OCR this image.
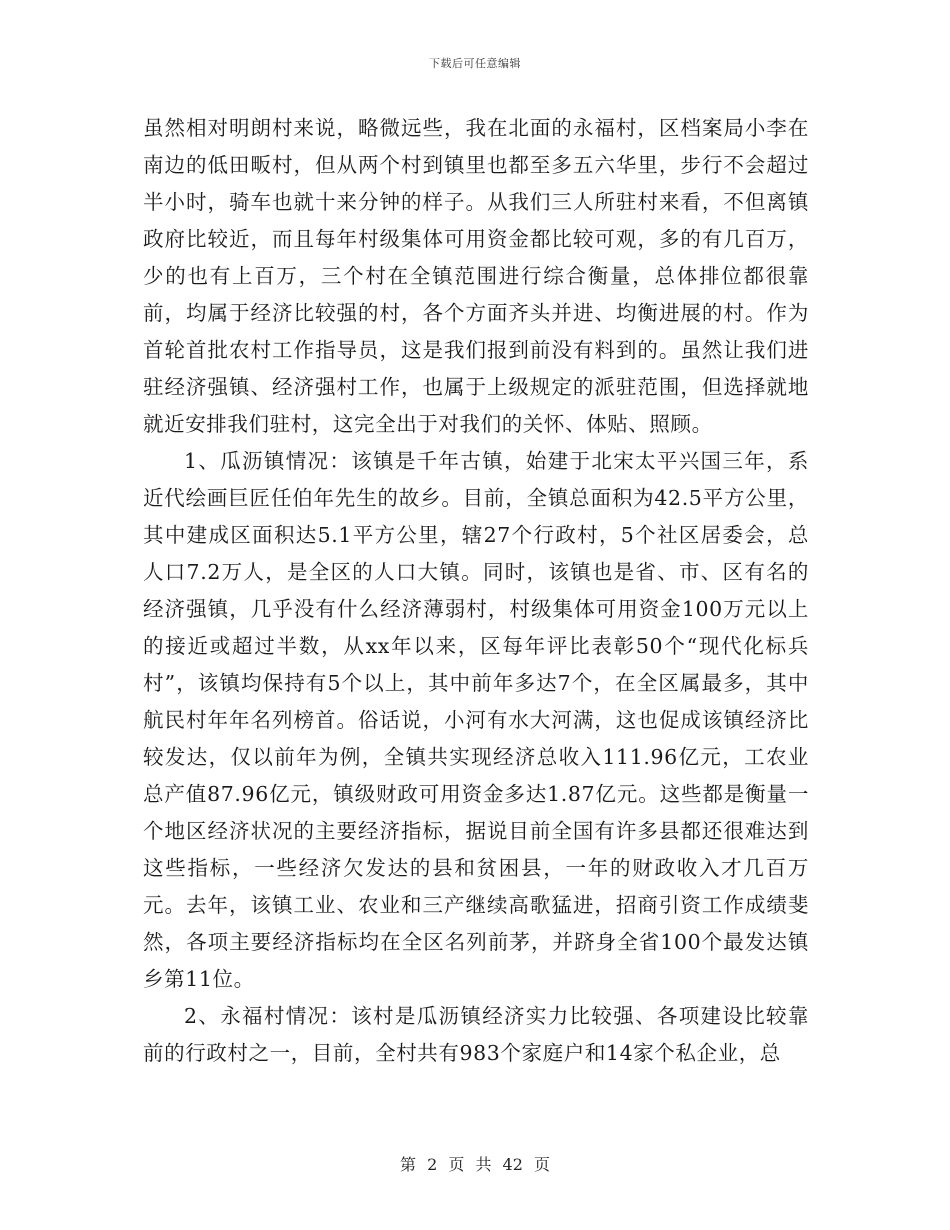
下载后可任意编辑

虽然相对明朗村来说，略微远些，我在北面的永福村，区档案局小李在南边的低田畈村，但从两个村到镇里也都至多五六华里，步行不会超过半小时，骑车也就十来分钟的样子。从我们三人所驻村来看，不但离镇政府比较近，而且每年村级集体可用资金都比较可观，多的有几百万，少的也有上百万，三个村在全镇范围进行综合衡量，总体排位都很靠前，均属于经济比较强的村，各个方面齐头并进、均衡进展的村。作为首轮首批农村工作指导员，这是我们报到前没有料到的。虽然让我们进驻经济强镇、经济强村工作，也属于上级规定的派驻范围，但选择就地就近安排我们驻村，这完全出于对我们的关怀、体贴、照顾。

1、瓜沥镇情况：该镇是千年古镇，始建于北宋太平兴国三年，系近代绘画巨匠任伯年先生的故乡。目前，全镇总面积为42.5平方公里，其中建成区面积达5.1平方公里，辖27个行政村，5个社区居委会，总人口7.2万人，是全区的人口大镇。同时，该镇也是省、市、区有名的经济强镇，几乎没有什么经济薄弱村，村级集体可用资金100万元以上的接近或超过半数，从xx年以来，区每年评比表彰50个“现代化标兵村”，该镇均保持有5个以上，其中前年多达7个，在全区属最多，其中航民村年年名列榜首。俗话说，小河有水大河满，这也促成该镇经济比较发达，仅以前年为例，全镇共实现经济总收入111.96亿元，工农业总产值87.96亿元，镇级财政可用资金多达1.87亿元。这些都是衡量一个地区经济状况的主要经济指标，据说目前全国有许多县都还很难达到这些指标，一些经济欠发达的县和贫困县，一年的财政收入才几百万元。去年，该镇工业、农业和三产继续高歌猛进，招商引资工作成绩斐然，各项主要经济指标均在全区名列前茅，并跻身全省100个最发达镇乡第11位。

2、永福村情况：该村是瓜沥镇经济实力比较强、各项建设比较靠前的行政村之一，目前，全村共有983个家庭户和14家个私企业，总

第 2 页 共 42 页
